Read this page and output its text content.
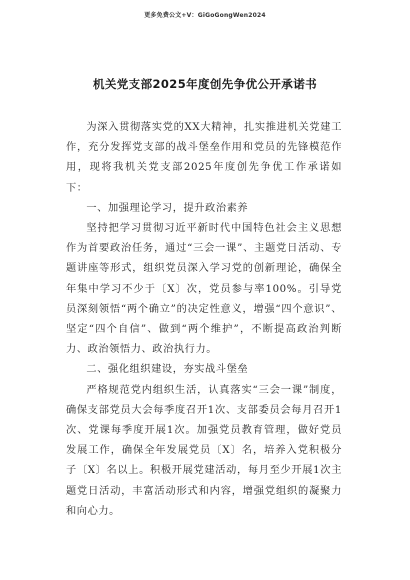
更多免费公文+V：GiGoGongWen2024
机关党支部2025年度创先争优公开承诺书

为深入贯彻落实党的XX大精神，扎实推进机关党建工作，充分发挥党支部的战斗堡垒作用和党员的先锋模范作用，现将我机关党支部2025年度创先争优工作承诺如下：

一、加强理论学习，提升政治素养

坚持把学习贯彻习近平新时代中国特色社会主义思想作为首要政治任务，通过“三会一课”、主题党日活动、专题讲座等形式，组织党员深入学习党的创新理论，确保全年集中学习不少于〔X〕次，党员参与率100%。引导党员深刻领悟“两个确立”的决定性意义，增强“四个意识”、坚定“四个自信”、做到“两个维护”，不断提高政治判断力、政治领悟力、政治执行力。

二、强化组织建设，夯实战斗堡垒

严格规范党内组织生活，认真落实“三会一课”制度，确保支部党员大会每季度召开1次、支部委员会每月召开1次、党课每季度开展1次。加强党员教育管理，做好党员发展工作，确保全年发展党员〔X〕名，培养入党积极分子〔X〕名以上。积极开展党建活动，每月至少开展1次主题党日活动，丰富活动形式和内容，增强党组织的凝聚力和向心力。
